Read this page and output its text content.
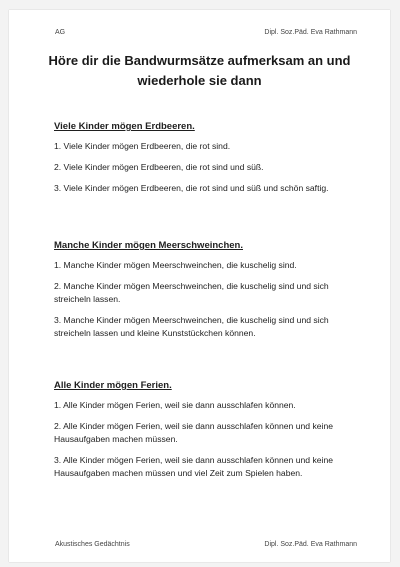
AG	Dipl. Soz.Päd. Eva Rathmann
Höre dir die Bandwurmsätze aufmerksam an und
wiederhole sie dann
Viele Kinder mögen Erdbeeren.

1. Viele Kinder mögen Erdbeeren, die rot sind.

2. Viele Kinder mögen Erdbeeren, die rot sind und süß.

3. Viele Kinder mögen Erdbeeren, die rot sind und süß und schön saftig.

Manche Kinder mögen Meerschweinchen.

1. Manche Kinder mögen Meerschweinchen, die kuschelig sind.

2. Manche Kinder mögen Meerschweinchen, die kuschelig sind und sich streicheln lassen.

3. Manche Kinder mögen Meerschweinchen, die kuschelig sind und sich streicheln lassen und kleine Kunststückchen können.

Alle Kinder mögen Ferien.

1. Alle Kinder mögen Ferien, weil sie dann ausschlafen können.

2. Alle Kinder mögen Ferien, weil sie dann ausschlafen können und keine Hausaufgaben machen müssen.

3. Alle Kinder mögen Ferien, weil sie dann ausschlafen können und keine Hausaufgaben machen müssen und viel Zeit zum Spielen haben.

Akustisches Gedächtnis	Dipl. Soz.Päd. Eva Rathmann
